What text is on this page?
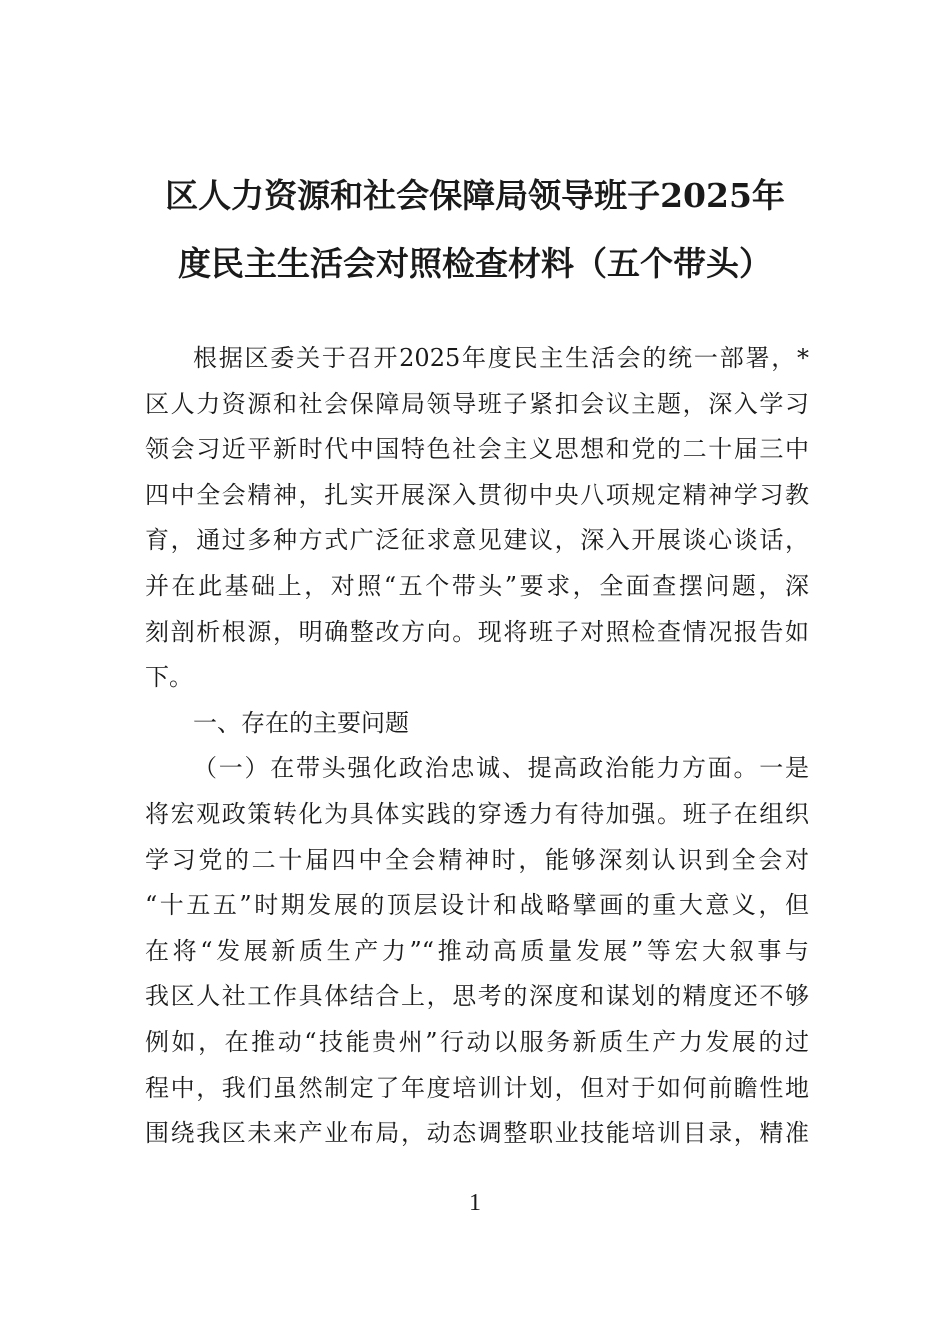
区人力资源和社会保障局领导班子2025年
度民主生活会对照检查材料（五个带头）
根据区委关于召开2025年度民主生活会的统一部署，*
区人力资源和社会保障局领导班子紧扣会议主题，深入学习
领会习近平新时代中国特色社会主义思想和党的二十届三中
四中全会精神，扎实开展深入贯彻中央八项规定精神学习教
育，通过多种方式广泛征求意见建议，深入开展谈心谈话，
并在此基础上，对照“五个带头”要求，全面查摆问题，深
刻剖析根源，明确整改方向。现将班子对照检查情况报告如
下。
一、存在的主要问题
（一）在带头强化政治忠诚、提高政治能力方面。一是
将宏观政策转化为具体实践的穿透力有待加强。班子在组织
学习党的二十届四中全会精神时，能够深刻认识到全会对
“十五五”时期发展的顶层设计和战略擘画的重大意义，但
在将“发展新质生产力”“推动高质量发展”等宏大叙事与
我区人社工作具体结合上，思考的深度和谋划的精度还不够
例如，在推动“技能贵州”行动以服务新质生产力发展的过
程中，我们虽然制定了年度培训计划，但对于如何前瞻性地
围绕我区未来产业布局，动态调整职业技能培训目录，精准
1
